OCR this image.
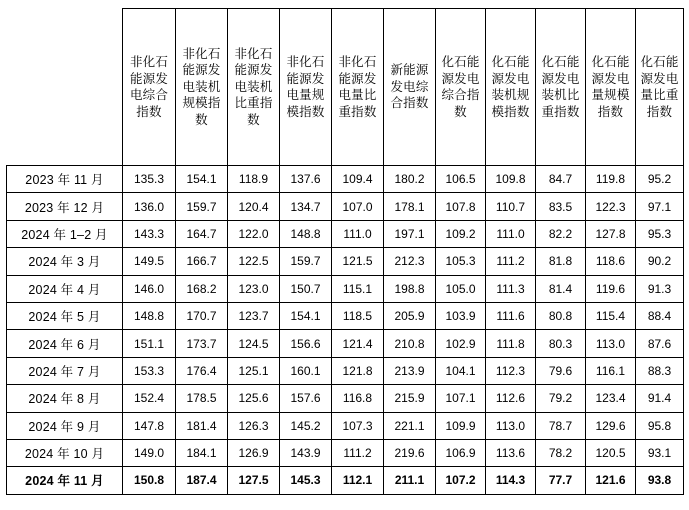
	非化石能源发电综合指数	非化石能源发电装机规模指数	非化石能源发电装机比重指数	非化石能源发电量规模指数	非化石能源发电量比重指数	新能源发电综合指数	化石能源发电综合指数	化石能源发电装机规模指数	化石能源发电装机比重指数	化石能源发电量规模指数	化石能源发电量比重指数

2023 年 11 月	135.3	154.1	118.9	137.6	109.4	180.2	106.5	109.8	84.7	119.8	95.2
2023 年 12 月	136.0	159.7	120.4	134.7	107.0	178.1	107.8	110.7	83.5	122.3	97.1
2024 年 1–2 月	143.3	164.7	122.0	148.8	111.0	197.1	109.2	111.0	82.2	127.8	95.3
2024 年 3 月	149.5	166.7	122.5	159.7	121.5	212.3	105.3	111.2	81.8	118.6	90.2
2024 年 4 月	146.0	168.2	123.0	150.7	115.1	198.8	105.0	111.3	81.4	119.6	91.3
2024 年 5 月	148.8	170.7	123.7	154.1	118.5	205.9	103.9	111.6	80.8	115.4	88.4
2024 年 6 月	151.1	173.7	124.5	156.6	121.4	210.8	102.9	111.8	80.3	113.0	87.6
2024 年 7 月	153.3	176.4	125.1	160.1	121.8	213.9	104.1	112.3	79.6	116.1	88.3
2024 年 8 月	152.4	178.5	125.6	157.6	116.8	215.9	107.1	112.6	79.2	123.4	91.4
2024 年 9 月	147.8	181.4	126.3	145.2	107.3	221.1	109.9	113.0	78.7	129.6	95.8
2024 年 10 月	149.0	184.1	126.9	143.9	111.2	219.6	106.9	113.6	78.2	120.5	93.1
2024 年 11 月	150.8	187.4	127.5	145.3	112.1	211.1	107.2	114.3	77.7	121.6	93.8
